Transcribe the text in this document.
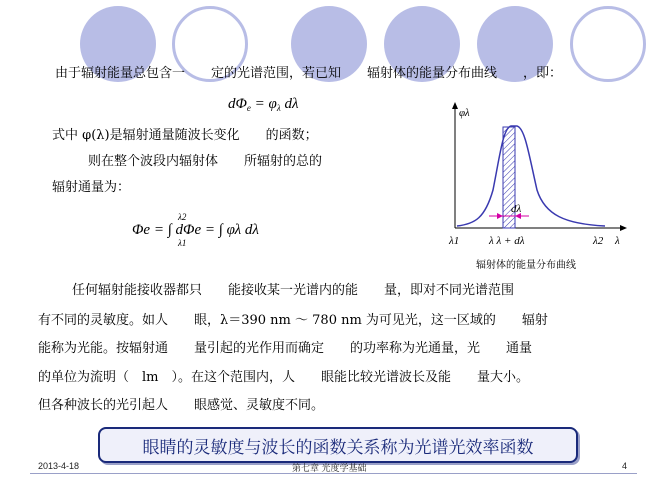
由于辐射能量总包含一　　定的光谱范围，若已知　　辐射体的能量分布曲线　　，即：
$d\Phi_e = \varphi_\lambda$ dλ
式中 φ(λ)是辐射通量随波长变化　　的函数；
则在整个波段内辐射体　　所辐射的总的
辐射通量为：
Φe = ∫ dΦe = ∫ φλ dλ
λ1
λ2
φλ
dλ
λ1	λ λ + dλ	λ2 λ
辐射体的能量分布曲线
任何辐射能接收器都只　　能接收某一光谱内的能　　量，即对不同光谱范围
有不同的灵敏度。如人　　眼，λ＝390 nm ～ 780 nm 为可见光，这一区域的　　辐射
能称为光能。按辐射通　　量引起的光作用而确定　　的功率称为光通量，光　　通量
的单位为流明（　lm　）。在这个范围内，人　　眼能比较光谱波长及能　　量大小。
但各种波长的光引起人　　眼感觉、灵敏度不同。
眼睛的灵敏度与波长的函数关系称为光谱光效率函数
2013-4-18	第七章 光度学基础	4
